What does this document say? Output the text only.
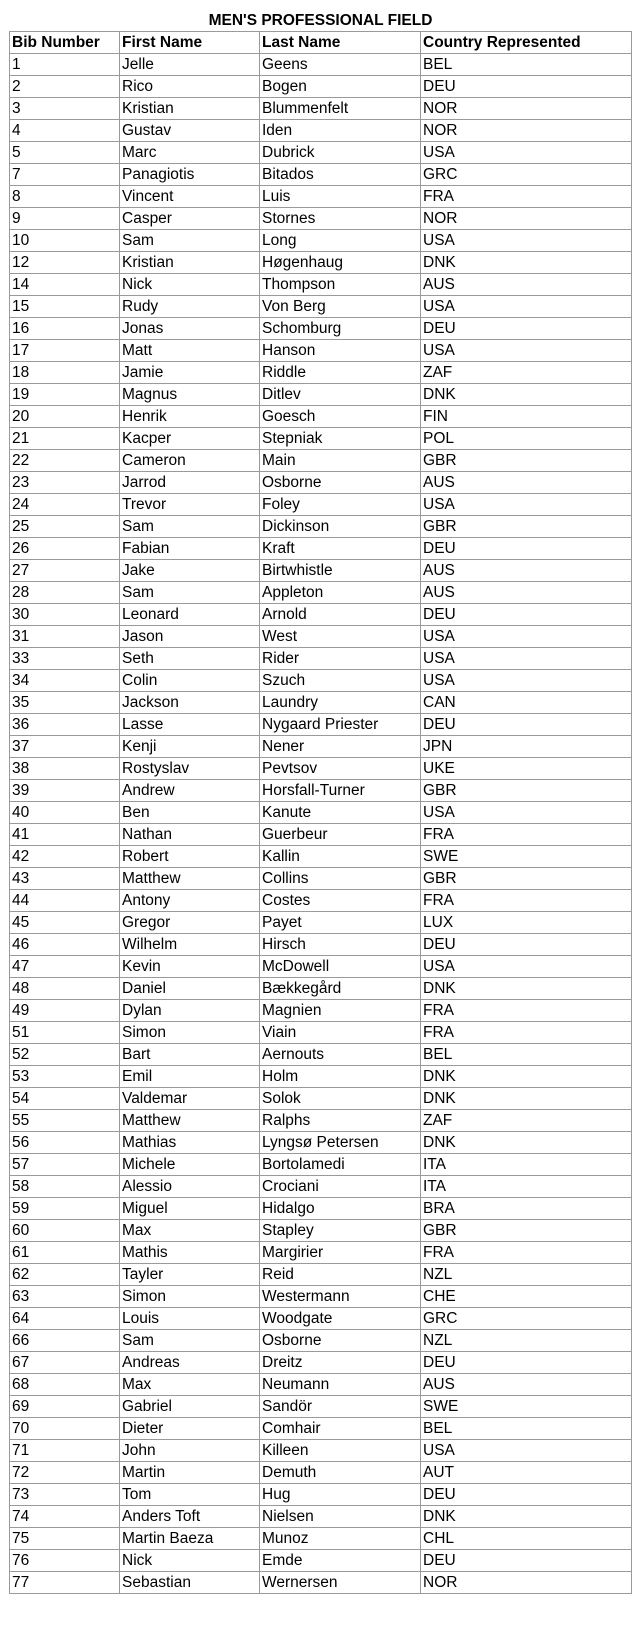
MEN'S PROFESSIONAL FIELD			
Bib Number	First Name	Last Name	Country Represented
1	Jelle	Geens	BEL
2	Rico	Bogen	DEU
3	Kristian	Blummenfelt	NOR
4	Gustav	Iden	NOR
5	Marc	Dubrick	USA
7	Panagiotis	Bitados	GRC
8	Vincent	Luis	FRA
9	Casper	Stornes	NOR
10	Sam	Long	USA
12	Kristian	Høgenhaug	DNK
14	Nick	Thompson	AUS
15	Rudy	Von Berg	USA
16	Jonas	Schomburg	DEU
17	Matt	Hanson	USA
18	Jamie	Riddle	ZAF
19	Magnus	Ditlev	DNK
20	Henrik	Goesch	FIN
21	Kacper	Stepniak	POL
22	Cameron	Main	GBR
23	Jarrod	Osborne	AUS
24	Trevor	Foley	USA
25	Sam	Dickinson	GBR
26	Fabian	Kraft	DEU
27	Jake	Birtwhistle	AUS
28	Sam	Appleton	AUS
30	Leonard	Arnold	DEU
31	Jason	West	USA
33	Seth	Rider	USA
34	Colin	Szuch	USA
35	Jackson	Laundry	CAN
36	Lasse	Nygaard Priester	DEU
37	Kenji	Nener	JPN
38	Rostyslav	Pevtsov	UKE
39	Andrew	Horsfall-Turner	GBR
40	Ben	Kanute	USA
41	Nathan	Guerbeur	FRA
42	Robert	Kallin	SWE
43	Matthew	Collins	GBR
44	Antony	Costes	FRA
45	Gregor	Payet	LUX
46	Wilhelm	Hirsch	DEU
47	Kevin	McDowell	USA
48	Daniel	Bækkegård	DNK
49	Dylan	Magnien	FRA
51	Simon	Viain	FRA
52	Bart	Aernouts	BEL
53	Emil	Holm	DNK
54	Valdemar	Solok	DNK
55	Matthew	Ralphs	ZAF
56	Mathias	Lyngsø Petersen	DNK
57	Michele	Bortolamedi	ITA
58	Alessio	Crociani	ITA
59	Miguel	Hidalgo	BRA
60	Max	Stapley	GBR
61	Mathis	Margirier	FRA
62	Tayler	Reid	NZL
63	Simon	Westermann	CHE
64	Louis	Woodgate	GRC
66	Sam	Osborne	NZL
67	Andreas	Dreitz	DEU
68	Max	Neumann	AUS
69	Gabriel	Sandör	SWE
70	Dieter	Comhair	BEL
71	John	Killeen	USA
72	Martin	Demuth	AUT
73	Tom	Hug	DEU
74	Anders Toft	Nielsen	DNK
75	Martin Baeza	Munoz	CHL
76	Nick	Emde	DEU
77	Sebastian	Wernersen	NOR
